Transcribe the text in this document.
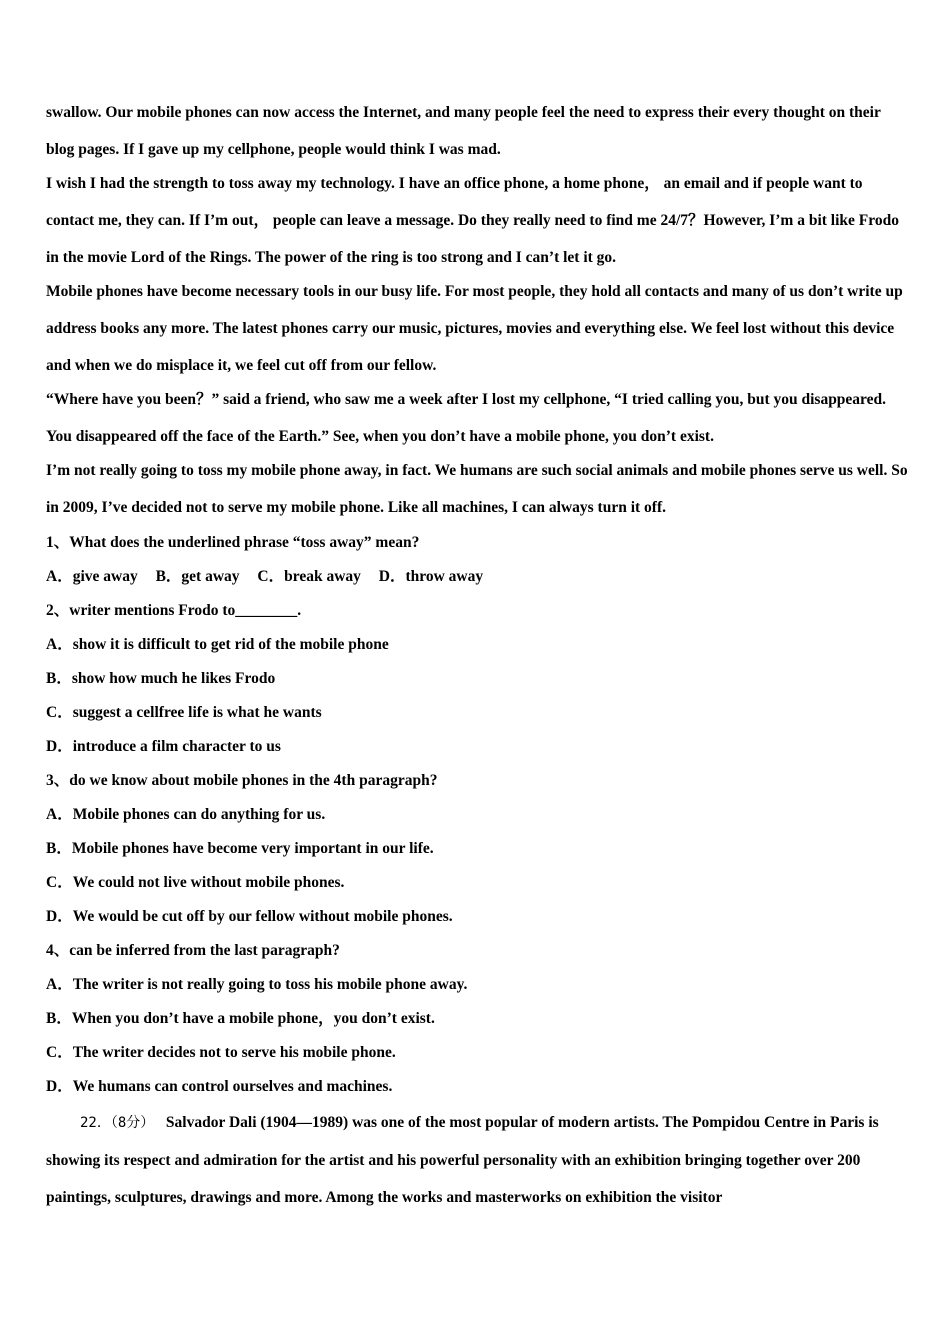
swallow. Our mobile phones can now access the Internet, and many people feel the need to express their every thought on their blog pages. If I gave up my cellphone, people would think I was mad.

I wish I had the strength to toss away my technology. I have an office phone, a home phone， an email and if people want to contact me, they can. If I’m out， people can leave a message. Do they really need to find me 24/7？However, I’m a bit like Frodo in the movie Lord of the Rings. The power of the ring is too strong and I can’t let it go.

Mobile phones have become necessary tools in our busy life. For most people, they hold all contacts and many of us don’t write up address books any more. The latest phones carry our music, pictures, movies and everything else. We feel lost without this device and when we do misplace it, we feel cut off from our fellow.

“Where have you been？” said a friend, who saw me a week after I lost my cellphone, “I tried calling you, but you disappeared. You disappeared off the face of the Earth.” See, when you don’t have a mobile phone, you don’t exist.

I’m not really going to toss my mobile phone away, in fact. We humans are such social animals and mobile phones serve us well. So in 2009, I’ve decided not to serve my mobile phone. Like all machines, I can always turn it off.

1、What does the underlined phrase “toss away” mean?

A．give away B．get away C．break away D．throw away

2、writer mentions Frodo to________.

A．show it is difficult to get rid of the mobile phone

B．show how much he likes Frodo

C．suggest a cellfree life is what he wants

D．introduce a film character to us

3、do we know about mobile phones in the 4th paragraph?

A．Mobile phones can do anything for us.

B．Mobile phones have become very important in our life.

C．We could not live without mobile phones.

D．We would be cut off by our fellow without mobile phones.

4、can be inferred from the last paragraph?

A．The writer is not really going to toss his mobile phone away.

B．When you don’t have a mobile phone，you don’t exist.

C．The writer decides not to serve his mobile phone.

D．We humans can control ourselves and machines.

22．（8分） Salvador Dali (1904—1989) was one of the most popular of modern artists. The Pompidou Centre in Paris is showing its respect and admiration for the artist and his powerful personality with an exhibition bringing together over 200 paintings, sculptures, drawings and more. Among the works and masterworks on exhibition the visitor
